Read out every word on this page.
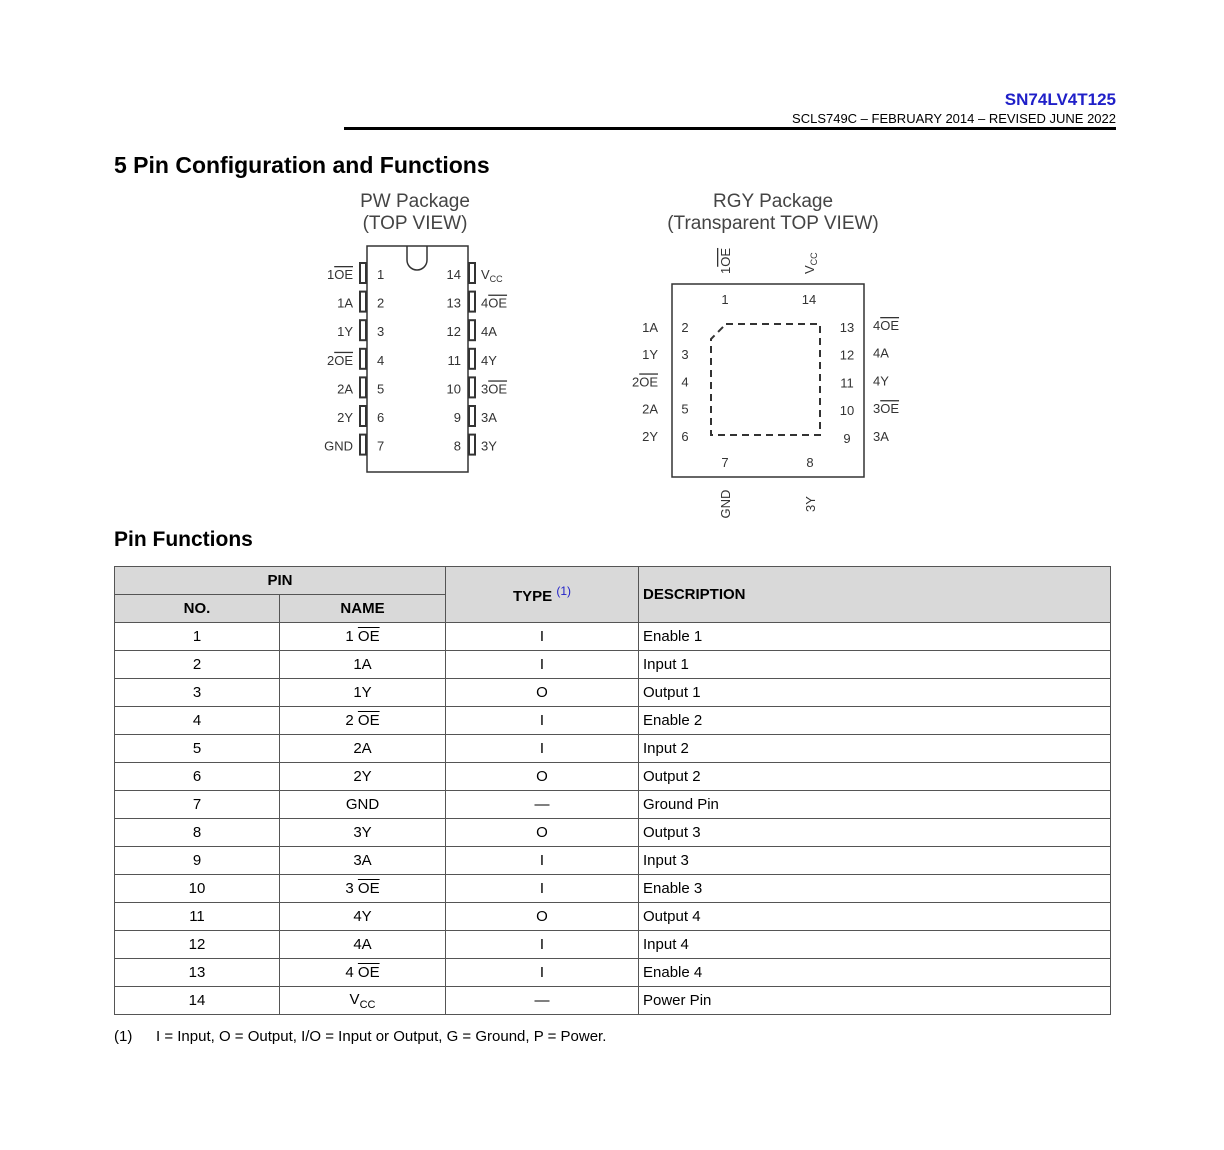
SN74LV4T125
SCLS749C – FEBRUARY 2014 – REVISED JUNE 2022
5 Pin Configuration and Functions
PW Package
(TOP VIEW)
1
1OE
2
1A
3
1Y
4
2OE
5
2A
6
2Y
7
GND
14 $V_{CC}$
13 4OE
12 4A
11 4Y
10 3OE
9 3A
8 3Y
RGY Package
(Transparent TOP VIEW)
1
1OE
14
$V_{CC}$
2
1A
3
1Y
4
2OE
5
2A
6
2Y
13 4OE
12 4A
11 4Y
10 3OE
9 3A
7
GND
8
3Y
Pin Functions
PIN		TYPE $^{(1)}$	DESCRIPTION
NO.	NAME		
1	1 $\overline{OE}$	I	Enable 1
2	1A	I	Input 1
3	1Y	O	Output 1
4	2 $\overline{OE}$	I	Enable 2
5	2A	I	Input 2
6	2Y	O	Output 2
7	GND	—	Ground Pin
8	3Y	O	Output 3
9	3A	I	Input 3
10	3 $\overline{OE}$	I	Enable 3
11	4Y	O	Output 4
12	4A	I	Input 4
13	4 $\overline{OE}$	I	Enable 4
14	$V_{CC}$	—	Power Pin
(1) I = Input, O = Output, I/O = Input or Output, G = Ground, P = Power.
